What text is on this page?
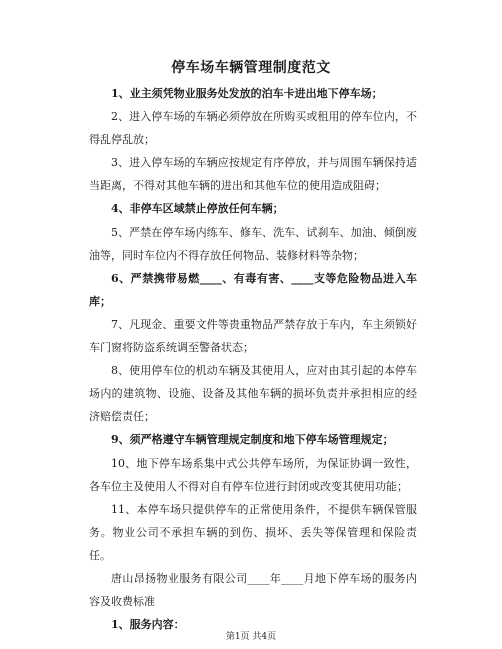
停车场车辆管理制度范文

1、业主须凭物业服务处发放的泊车卡进出地下停车场；

2、进入停车场的车辆必须停放在所购买或租用的停车位内，不得乱停乱放；

3、进入停车场的车辆应按规定有序停放，并与周围车辆保持适当距离，不得对其他车辆的进出和其他车位的使用造成阻碍；

4、非停车区域禁止停放任何车辆；

5、严禁在停车场内练车、修车、洗车、试刹车、加油、倾倒废油等，同时车位内不得存放任何物品、装修材料等杂物；

6、严禁携带易燃____、有毒有害、____支等危险物品进入车库；

7、凡现金、重要文件等贵重物品严禁存放于车内，车主须锁好车门窗将防盗系统调至警备状态；

8、使用停车位的机动车辆及其使用人，应对由其引起的本停车场内的建筑物、设施、设备及其他车辆的损坏负责并承担相应的经济赔偿责任；

9、须严格遵守车辆管理规定制度和地下停车场管理规定；

10、地下停车场系集中式公共停车场所，为保证协调一致性，各车位主及使用人不得对自有停车位进行封闭或改变其使用功能；

11、本停车场只提供停车的正常使用条件，不提供车辆保管服务。物业公司不承担车辆的到伤、损坏、丢失等保管理和保险责任。

唐山昂扬物业服务有限公司____年____月地下停车场的服务内容及收费标准

1、服务内容：

第1页 共4页
